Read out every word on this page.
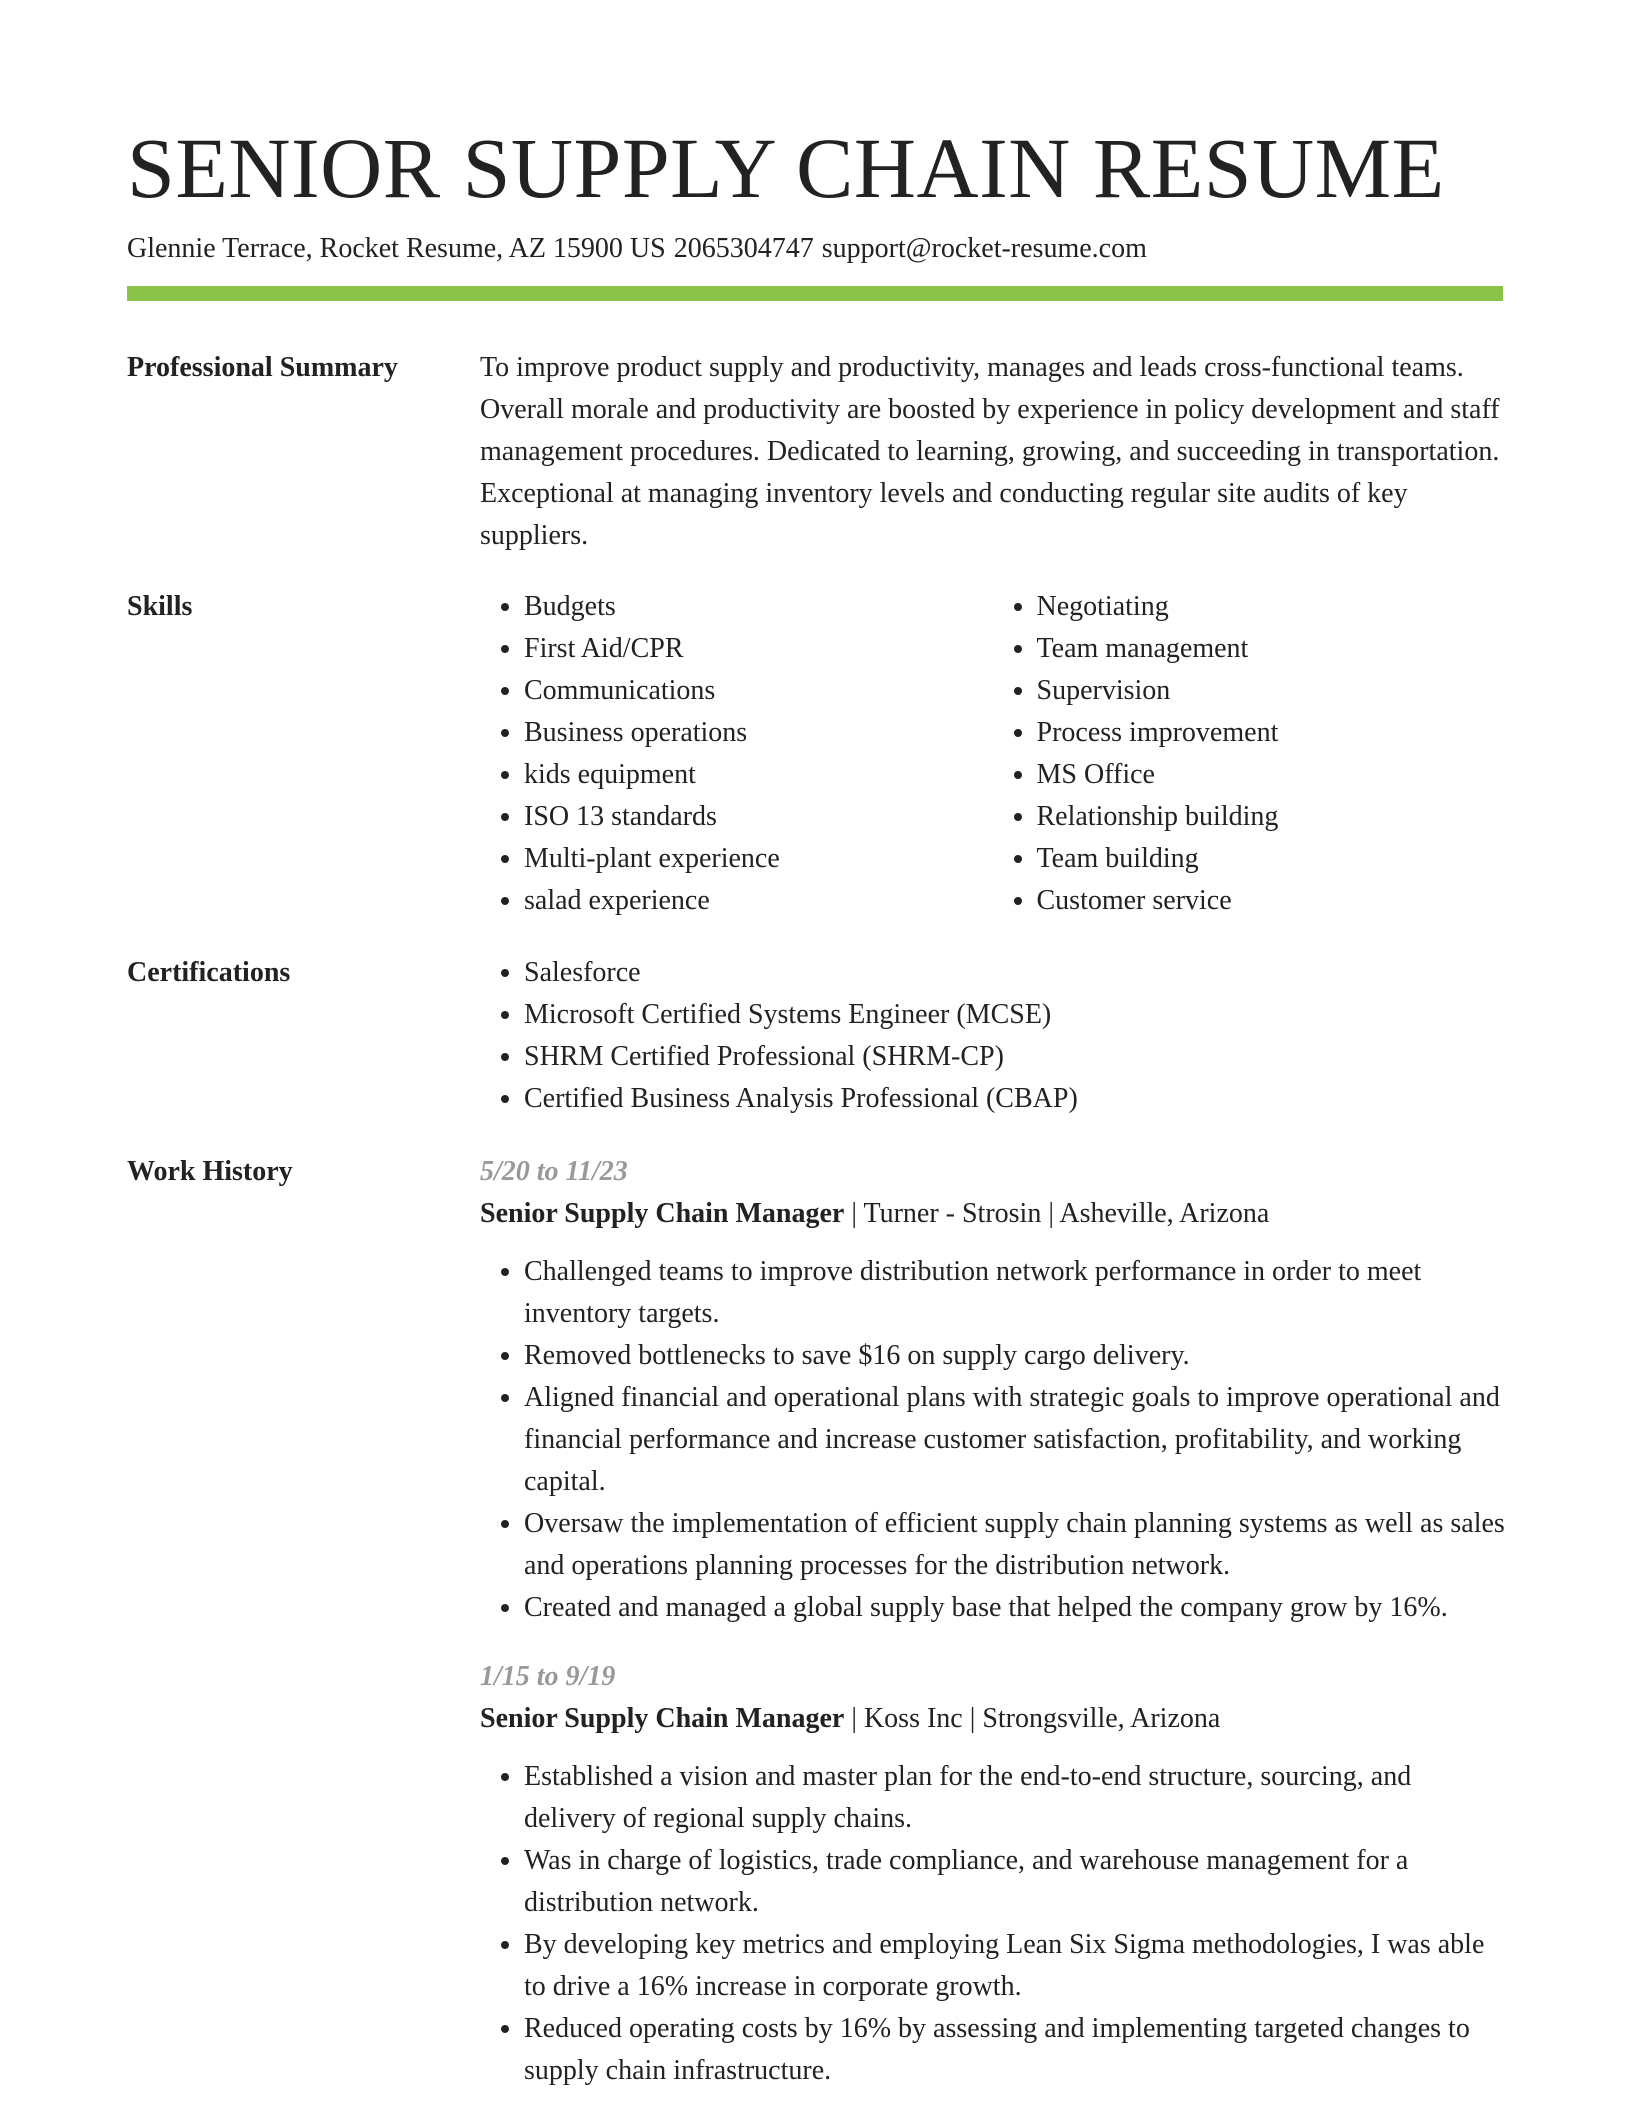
SENIOR SUPPLY CHAIN RESUME
Glennie Terrace, Rocket Resume, AZ 15900 US 2065304747 support@rocket-resume.com
Professional Summary	To improve product supply and productivity, manages and leads cross-functional teams. Overall morale and productivity are boosted by experience in policy development and staff management procedures. Dedicated to learning, growing, and succeeding in transportation. Exceptional at managing inventory levels and conducting regular site audits of key suppliers.

Skills	• Budgets
• First Aid/CPR
• Communications
• Business operations
• kids equipment
• ISO 13 standards
• Multi-plant experience
• salad experience
• Negotiating
• Team management
• Supervision
• Process improvement
• MS Office
• Relationship building
• Team building
• Customer service
Certifications	• Salesforce
• Microsoft Certified Systems Engineer (MCSE)
• SHRM Certified Professional (SHRM-CP)
• Certified Business Analysis Professional (CBAP)
Work History	5/20 to 11/23

Senior Supply Chain Manager | Turner - Strosin | Asheville, Arizona

• Challenged teams to improve distribution network performance in order to meet inventory targets.
• Removed bottlenecks to save $16 on supply cargo delivery.
• Aligned financial and operational plans with strategic goals to improve operational and financial performance and increase customer satisfaction, profitability, and working capital.
• Oversaw the implementation of efficient supply chain planning systems as well as sales and operations planning processes for the distribution network.
• Created and managed a global supply base that helped the company grow by 16%.
1/15 to 9/19

Senior Supply Chain Manager | Koss Inc | Strongsville, Arizona

• Established a vision and master plan for the end-to-end structure, sourcing, and delivery of regional supply chains.
• Was in charge of logistics, trade compliance, and warehouse management for a distribution network.
• By developing key metrics and employing Lean Six Sigma methodologies, I was able to drive a 16% increase in corporate growth.
• Reduced operating costs by 16% by assessing and implementing targeted changes to supply chain infrastructure.
